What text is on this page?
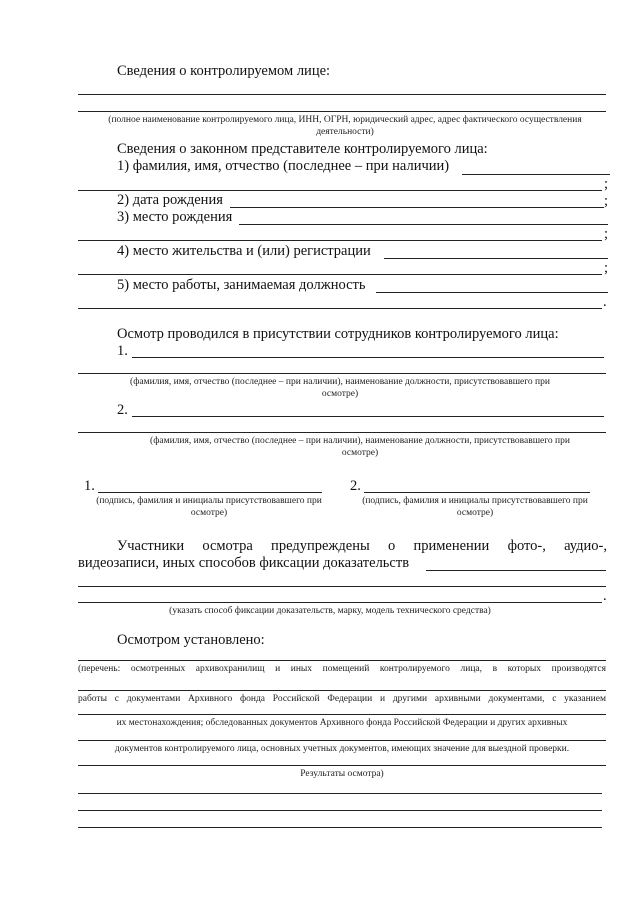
Сведения о контролируемом лице:
(полное наименование контролируемого лица, ИНН, ОГРН, юридический адрес, адрес фактического осуществления деятельности)
Сведения о законном представителе контролируемого лица:
1) фамилия, имя, отчество (последнее – при наличии)
;
2) дата рождения	;
3) место рождения
;
4) место жительства и (или) регистрации
;
5) место работы, занимаемая должность
.
Осмотр проводился в присутствии сотрудников контролируемого лица:
1.
(фамилия, имя, отчество (последнее – при наличии), наименование должности, присутствовавшего при осмотре)
2.
(фамилия, имя, отчество (последнее – при наличии), наименование должности, присутствовавшего при осмотре)
1.
(подпись, фамилия и инициалы присутствовавшего при осмотре)
2.
(подпись, фамилия и инициалы присутствовавшего при осмотре)
Участники осмотра предупреждены о применении фото-, аудио-,
видеозаписи, иных способов фиксации доказательств
.
(указать способ фиксации доказательств, марку, модель технического средства)
Осмотром установлено:
(перечень: осмотренных архивохранилищ и иных помещений контролируемого лица, в которых производятся
работы с документами Архивного фонда Российской Федерации и другими архивными документами, с указанием
их местонахождения; обследованных документов Архивного фонда Российской Федерации и других архивных
документов контролируемого лица, основных учетных документов, имеющих значение для выездной проверки.
Результаты осмотра)
